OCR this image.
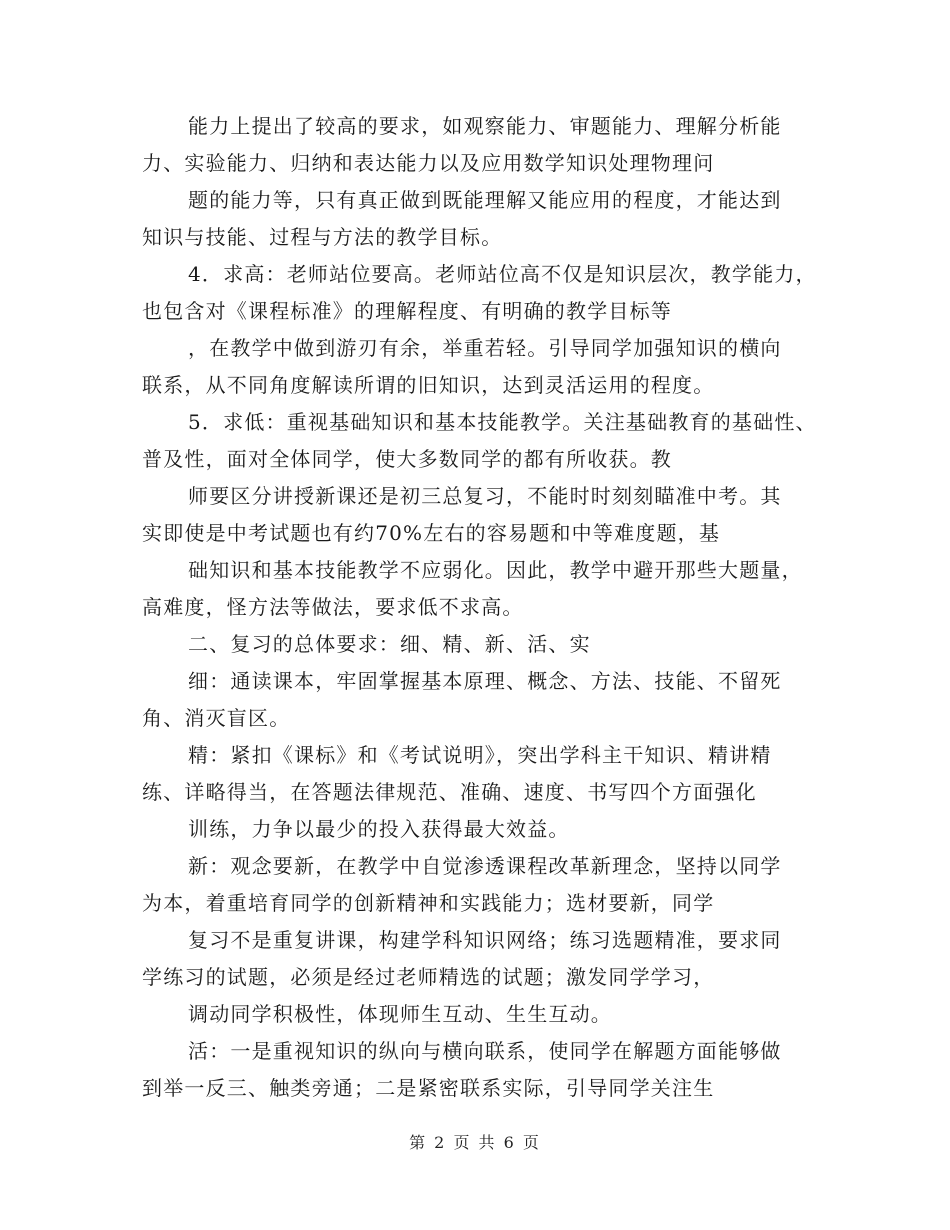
能力上提出了较高的要求，如观察能力、审题能力、理解分析能
力、实验能力、归纳和表达能力以及应用数学知识处理物理问
题的能力等，只有真正做到既能理解又能应用的程度，才能达到
知识与技能、过程与方法的教学目标。
4．求高：老师站位要高。老师站位高不仅是知识层次，教学能力，
也包含对《课程标准》的理解程度、有明确的教学目标等
，在教学中做到游刃有余，举重若轻。引导同学加强知识的横向
联系，从不同角度解读所谓的旧知识，达到灵活运用的程度。
5．求低：重视基础知识和基本技能教学。关注基础教育的基础性、
普及性，面对全体同学，使大多数同学的都有所收获。教
师要区分讲授新课还是初三总复习，不能时时刻刻瞄准中考。其
实即使是中考试题也有约70%左右的容易题和中等难度题，基
础知识和基本技能教学不应弱化。因此，教学中避开那些大题量，
高难度，怪方法等做法，要求低不求高。
二、复习的总体要求：细、精、新、活、实
细：通读课本，牢固掌握基本原理、概念、方法、技能、不留死
角、消灭盲区。
精：紧扣《课标》和《考试说明》，突出学科主干知识、精讲精
练、详略得当，在答题法律规范、准确、速度、书写四个方面强化
训练，力争以最少的投入获得最大效益。
新：观念要新，在教学中自觉渗透课程改革新理念，坚持以同学
为本，着重培育同学的创新精神和实践能力；选材要新，同学
复习不是重复讲课，构建学科知识网络；练习选题精准，要求同
学练习的试题，必须是经过老师精选的试题；激发同学学习，
调动同学积极性，体现师生互动、生生互动。
活：一是重视知识的纵向与横向联系，使同学在解题方面能够做
到举一反三、触类旁通；二是紧密联系实际，引导同学关注生
第 2 页 共 6 页
